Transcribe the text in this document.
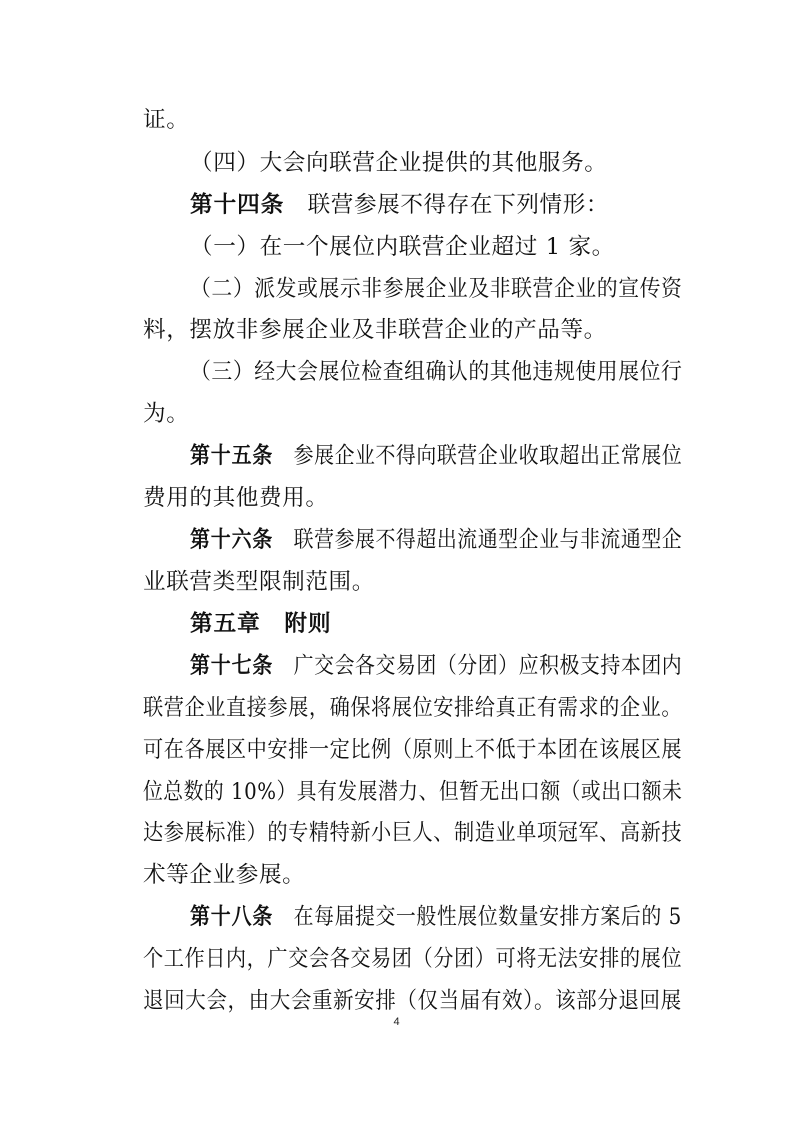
证。
（四）大会向联营企业提供的其他服务。
第十四条  联营参展不得存在下列情形：
（一）在一个展位内联营企业超过 1 家。
（二）派发或展示非参展企业及非联营企业的宣传资
料，摆放非参展企业及非联营企业的产品等。
（三）经大会展位检查组确认的其他违规使用展位行
为。
第十五条  参展企业不得向联营企业收取超出正常展位
费用的其他费用。
第十六条  联营参展不得超出流通型企业与非流通型企
业联营类型限制范围。
第五章　附则
第十七条  广交会各交易团（分团）应积极支持本团内
联营企业直接参展，确保将展位安排给真正有需求的企业。
可在各展区中安排一定比例（原则上不低于本团在该展区展
位总数的 10%）具有发展潜力、但暂无出口额（或出口额未
达参展标准）的专精特新小巨人、制造业单项冠军、高新技
术等企业参展。
第十八条  在每届提交一般性展位数量安排方案后的 5
个工作日内，广交会各交易团（分团）可将无法安排的展位
退回大会，由大会重新安排（仅当届有效）。该部分退回展
4
